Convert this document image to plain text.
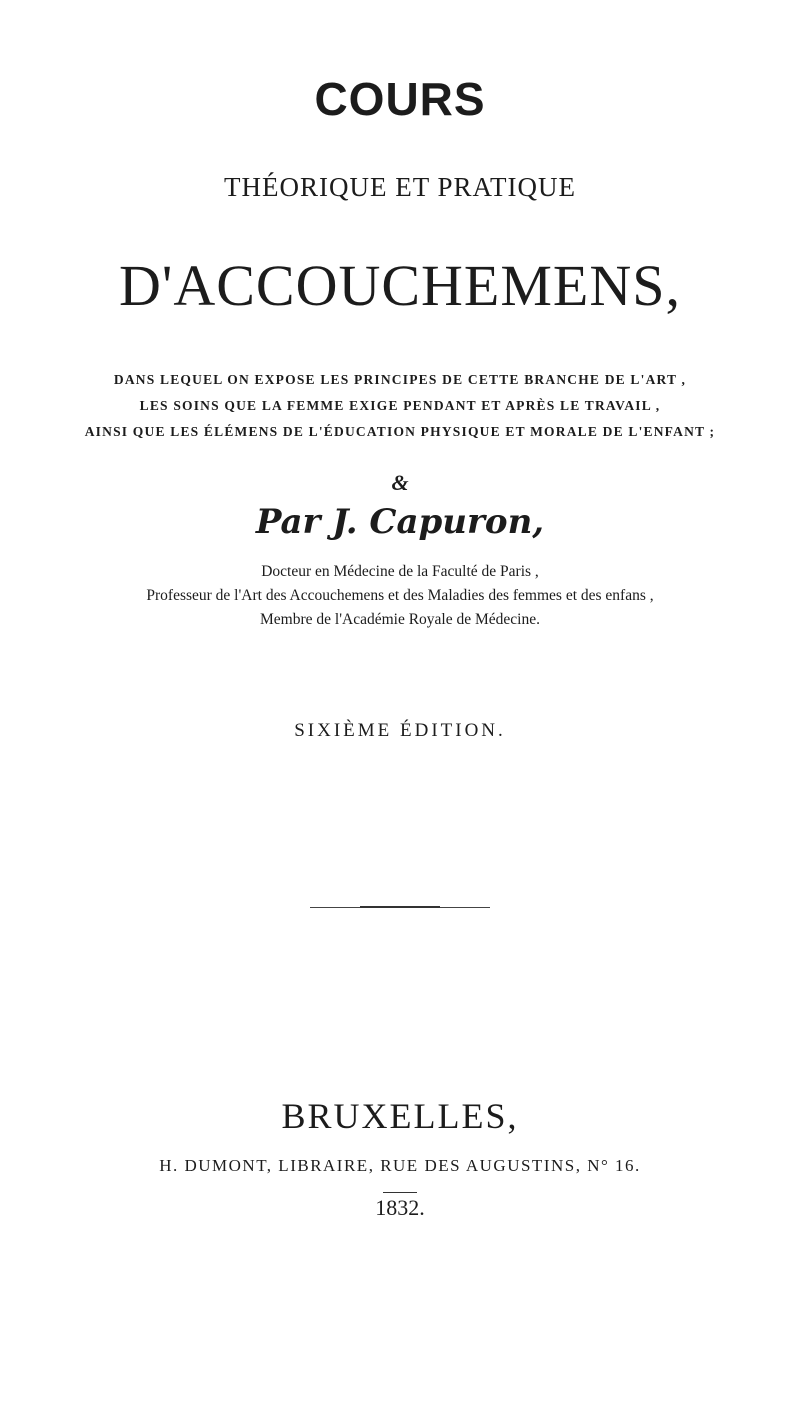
COURS
THÉORIQUE ET PRATIQUE
D'ACCOUCHEMENS,
DANS LEQUEL ON EXPOSE LES PRINCIPES DE CETTE BRANCHE DE L'ART ,
LES SOINS QUE LA FEMME EXIGE PENDANT ET APRÈS LE TRAVAIL ,
AINSI QUE LES ÉLÉMENS DE L'ÉDUCATION PHYSIQUE ET MORALE DE L'ENFANT ;
&
Par J. Capuron,
Docteur en Médecine de la Faculté de Paris ,
Professeur de l'Art des Accouchemens et des Maladies des femmes et des enfans ,
Membre de l'Académie Royale de Médecine.
SIXIÈME ÉDITION.
BRUXELLES,
H. DUMONT, LIBRAIRE, RUE DES AUGUSTINS, N° 16.
1832.
